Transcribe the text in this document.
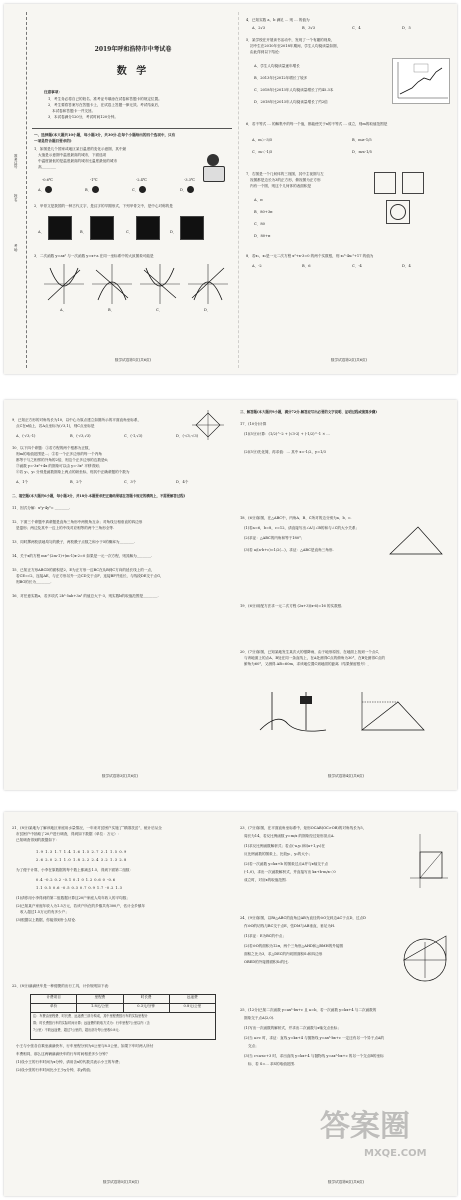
准考证号
姓名
考场
2019年呼和浩特市中考试卷
数 学
注意事项：
1．考生务必将自己的姓名、准考证号填涂在试卷和答题卡的规定位置。
2．考生要将答案写在答题卡上，在试卷上答题一律无效。考试结束后，
本试卷和答题卡一并交回。
3．本试卷满分120分，考试时间120分钟。
一、选择题(本大题共10小题，每小题3分，共30分.在每个小题给出的四个选项中，只有
一项是符合题目要求的)
1．如图是几个国家或地区某日温度的变化示意图，其中最
大值是示意图中温度最高的城市，下面选项
中温度最低的是温度最高的城市比温度最低的城市
高________
A．
-0.6℃
B．
-1℃
C．
-2.4℃
D．
-3.3℃
2．甲骨文是我国的一种古代文字，是汉字的早期形式，下列甲骨文中，是中心对称的是
A．	B．	C．	D．
3．二次函数 y=ax² 与一次函数 y=x+a 在同一坐标系中的大致图象可能是
A．	B．	C．	D．
数学试卷第1页(共6页)
4．已知实数 a，b 满足 ... 则 ... 的值为
A．2√3	B．3√3	C．4	D．5
5．某学校在开展读书活动中，发现了一个有趣的现象，
初中生在2010年至2018年期间，学生人均阅读量如图，
由此得到以下结论：
A．学生人均阅读量逐年增长
B．2013年比2012年增长了较多
C．2018年比2013年人均阅读量增长了约45.3本
D．2018年比2013年人均阅读量增长了约2倍
6．若不等式 ... 的解集中的每一个值，都能使关于x的不等式 ... 成立，则m的取值范围是
A．m＞-3/5	B．m≥-1/5
C．m＜-1/5	D．m≤-1/5
7．右图是一个几何体的三视图，其中主视图与左
视图都是边长为3的正方形，俯视图为正方形
内有一个圆，则这个几何体的表面积是
A．π
B．80+3π
C．80
D．80+π
8．若x₁，x₂是一元二次方程 x²+x-3=0 的两个实数根，则 x₂³-4x₁²+17 的值为
A．-2	B．6	C．-4	D．4
数学试卷第2页(共6页)
9．已知正方形的对角线长为10，以中心为原点建立如图所示的平面直角坐标系，
点C在x轴上，若A点坐标为(√3,1)，则C点坐标是
A．(-√3,-1)	B．(-√3,√3)	C．(-1,√3)	D．(-√3,-√3)
10．以下四个命题：①若方程的两个根都为正数，
则m的取值范围是...；②若一个正多边形的每一个内角
都等于与之相邻的外角的2倍，则这个正多边形的边数是6；
③函数 y=-3x²+4x 的图象可以由 y=-3x² 平移得到；
④若 y₁，y₂ 分别是函数图象上两点的纵坐标，则其中正确命题的个数为
A．1个	B．2个	C．3个	D．4个
二、填空题(本大题共6小题，每小题3分，共18分.本题要求把正确结果填在答题卡规定的横线上，不需要解答过程)
11．因式分解：x²y-4y³= ________.
12．下面三个命题中真命题是直角三角形中两锐角互余；对角线互相垂直的四边形
是菱形；两边及其中一边上的中线对应相等的两个三角形全等.
13．同时掷两枚质地均匀的骰子，两枚骰子点数之和小于5的概率为________.
14．关于x的方程 mx^(2m-1)+(m-1)x-2=0 如果是一元一次方程，则其解为________.
15．已知正方形ABCD的面积是2，E为正方形一边BC在从B到C方向的延长线上的一点，
若CE=√2，连接AE，与正方形另外一边CD交于点F，连接BF并延长，与线段DE交于点G，
则BG的长为________.
16．对任意实数a，若多项式 2b²-5ab+3a² 的值总大于-3，则实数b的取值范围是________.
数学试卷第3页(共6页)
三、解答题(本大题共9小题，满分72分.解答应写出必要的文字说明、证明过程或演算步骤)
17．(10分)计算
(1)(5分)计算：(1/2)^-2 + |√3-2| + (-1/2)^-1 × ...
(2)(5分)先化简，再求值：... 其中 x=-1/2，y=1/3
18．(6分)如图，在△ABC中，内角A、B、C所对的边分别为a、b、c.
(1)若a=6，b=8，c=12，请直接写出∠A与∠B的和与∠C的大小关系；
(2)求证：△ABC的内角和等于180°；
(3)若 a/(a-b+c)=1/2(...)，求证：△ABC是直角三角形.
19．(6分)用配方法求一元二次方程 (2x+3)(x-6)=16 的实数根.
20．(7分)如图，已知某地发生某次大的强降雨，由于地形原因，在地面上找到一个点C，
与该地面上的点A、B处在同一条直线上，在A处测得C点的俯角为30°，在B处测得C点的
俯角为60°，又测得 AB=60m，求该地位置C到地面的距离（结果保留根号）．
数学试卷第4页(共6页)
21．(8分)某地为了解该地区家庭用水量情况，一年来对贫困户实施了“精准扶贫”，统计后从全
市贫困户中抽取了20户进行调查，得到如下数据（单位：万元）：
已知调查得到的数据如下：
1.9 1.3 1.7 1.4 1.6 1.5 2.7 2.1 1.5 0.9
2.6 2.0 2.1 1.0 1.8 2.2 2.4 3.2 1.3 2.8
为了便于计算，小李在原数据的每个数上都减去1.5，得到下面第二组数：
0.4 -0.2 0.2 -0.1 0.1 0 1.2 0.6 0 -0.6
1.1 0.5 0.6 -0.5 0.3 0.7 0.9 1.7 -0.2 1.3
(1)请你用小李得到的第二组数据计算这20户家庭人均年收入的平均数；
(2)已知某户家庭年收入为1.5万元，若该户所在的乡镇共有300户，估计全乡镇年
收入超过1.5万元的有多少户；
(3)根据以上数据，你能得到什么结论.
22．(8分)滴滴快车是一种便捷的出行工具，计价规则如下表：
计费项目	里程费	时长费	远途费
单价	1.8元/公里	0.3元/分钟	0.8元/公里
注：车费由里程费、时长费、远途费三部分构成，其中里程费按行车的实际里程计
算；时长费按行车的实际时间计算；远途费的收取方式为：行车里程7公里以内（含
7公里）不收远途费，超过7公里的，超出部分每公里收0.8元.
小王与小张各自乘坐滴滴快车，行车里程分别为6公里与8.5公里，如果下车时两人所付
车费相同，那么这两辆滴滴快车的行车时间相差多少分钟？
(1)设小王的行车时间为x分钟，请用含x的代数式表示小王的车费；
(2)设小张的行车时间比小王少y分钟，求y的值；
数学试卷第5页(共6页)
23．(7分)如图，在平面直角坐标系中，矩形OCAB(OC>OB)的对角线长为5，
周长为14，若反比例函数 y=m/x 的图象经过矩形顶点A.
(1)求反比例函数解析式；若点(-a,y₁)和(a+1,y₂)在
反比例函数的图象上，比较y₁，y₂的大小；
(2)若一次函数 y=kx+b 的图象过点A并与x轴交于点
(-1,0)，求出一次函数解析式，并直接写出 kx+b-m/x＜0
成立时，对应x的取值范围.
24．(9分)如图，以Rt△ABC的直角边AB为直径的⊙O交斜边AC于点D，过点D
作⊙O的切线与BC交于点E，弦DM与AB垂直，垂足为H.
(1)求证：E为BC的中点；
(2)若⊙O的面积为12π，两个三角形△AHD和△BMH的外接圆
面积之比为3，求△DEC的内切圆面积S₁和四边形
OBED的外接圆面积S₂的比.
25．(12分)已知二次函数 y=ax²-bx+c 且 a=b，若一次函数 y=kx+4 与二次函数的
图象交于点A(2,0).
(1)写出一次函数的解析式，并求出二次函数与x轴交点坐标；
(2)当 a>c 时，求证：直线 y=kx+4 与抛物线 y=ax²-bx+c 一定还有另一个异于点A的
交点；
(3)当 c<a≤c+3 时，求出直线 y=kx+4 与抛物线 y=ax²-bx+c 的另一个交点B的坐标
标．若 S=... 求S的取值范围.
数学试卷第6页(共6页)
答案圈
MXQE.COM
